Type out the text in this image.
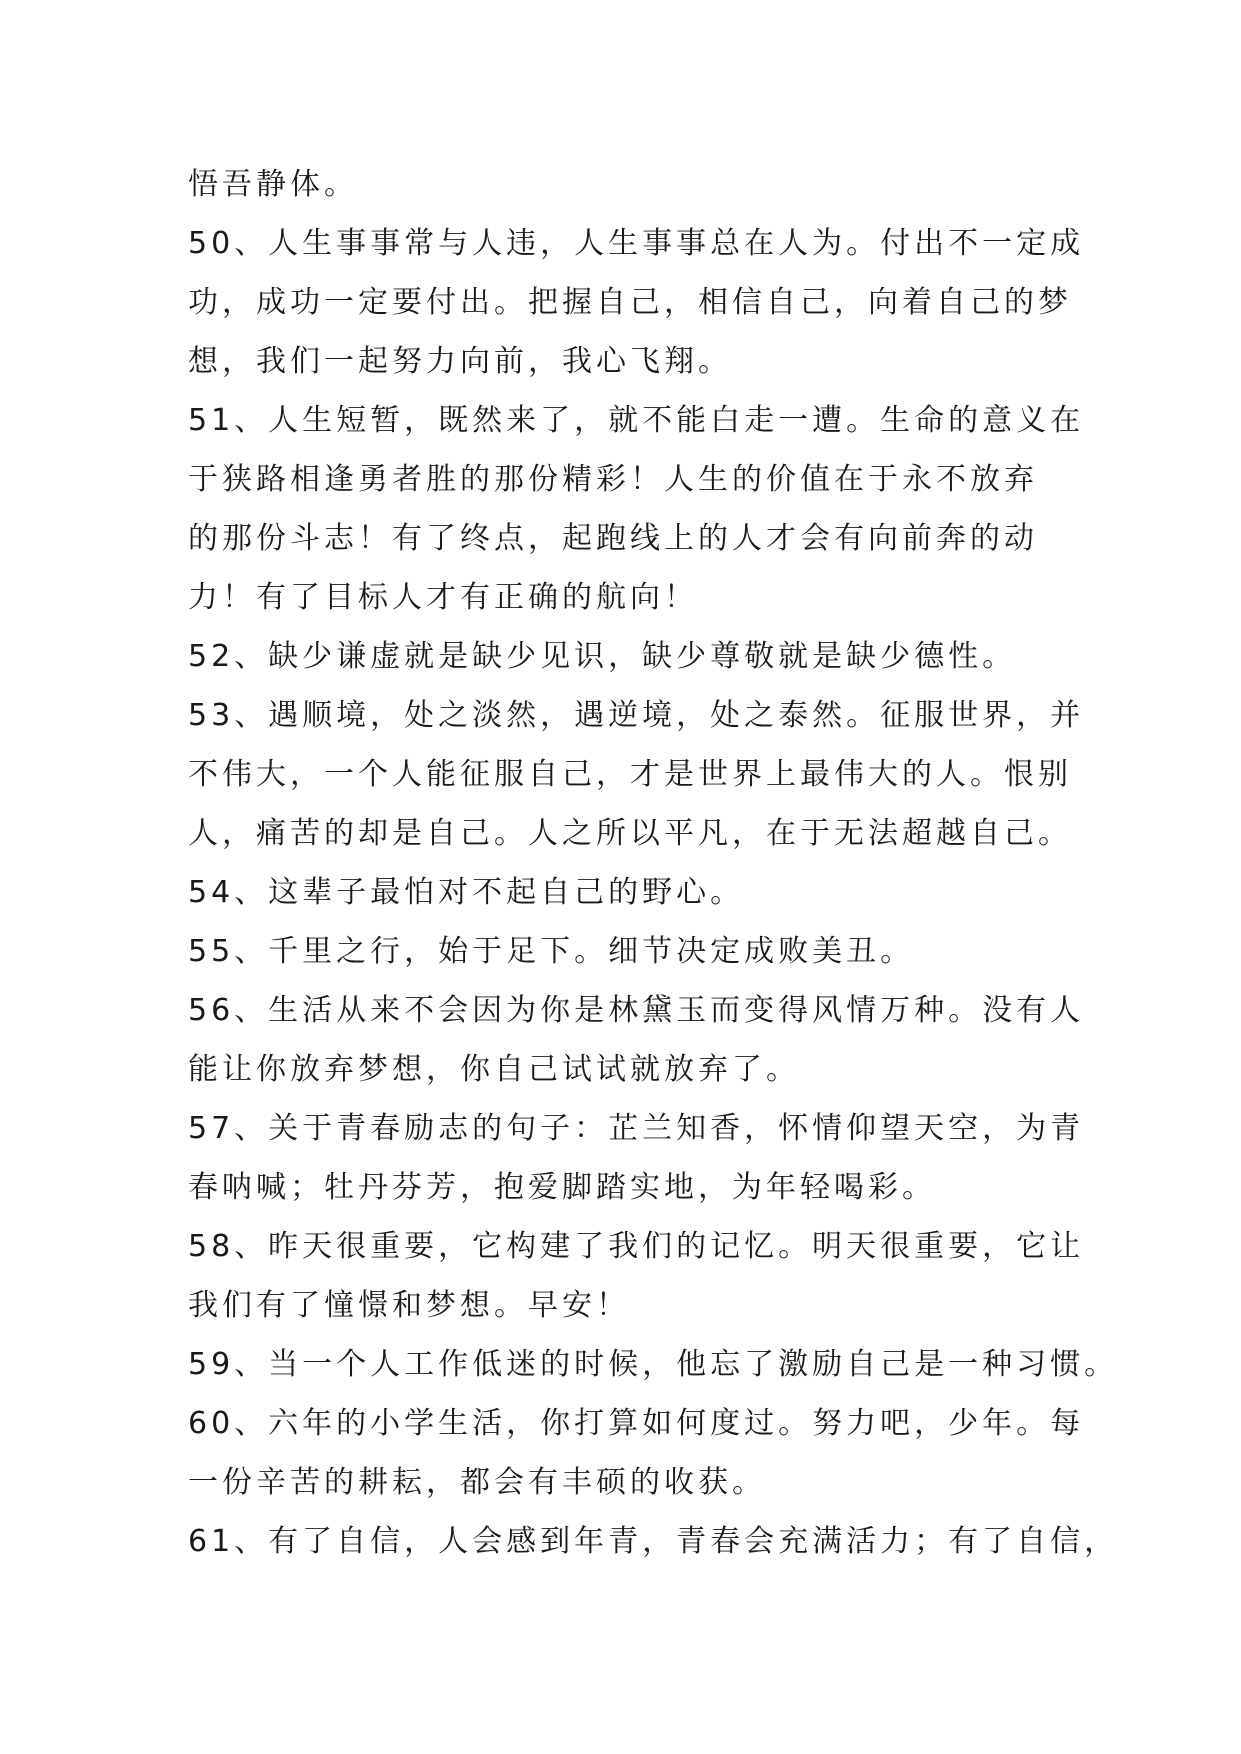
悟吾静体。
50、人生事事常与人违，人生事事总在人为。付出不一定成
功，成功一定要付出。把握自己，相信自己，向着自己的梦
想，我们一起努力向前，我心飞翔。
51、人生短暂，既然来了，就不能白走一遭。生命的意义在
于狭路相逢勇者胜的那份精彩！人生的价值在于永不放弃
的那份斗志！有了终点，起跑线上的人才会有向前奔的动
力！有了目标人才有正确的航向！
52、缺少谦虚就是缺少见识，缺少尊敬就是缺少德性。
53、遇顺境，处之淡然，遇逆境，处之泰然。征服世界，并
不伟大，一个人能征服自己，才是世界上最伟大的人。恨别
人，痛苦的却是自己。人之所以平凡，在于无法超越自己。
54、这辈子最怕对不起自己的野心。
55、千里之行，始于足下。细节决定成败美丑。
56、生活从来不会因为你是林黛玉而变得风情万种。没有人
能让你放弃梦想，你自己试试就放弃了。
57、关于青春励志的句子：芷兰知香，怀情仰望天空，为青
春呐喊；牡丹芬芳，抱爱脚踏实地，为年轻喝彩。
58、昨天很重要，它构建了我们的记忆。明天很重要，它让
我们有了憧憬和梦想。早安！
59、当一个人工作低迷的时候，他忘了激励自己是一种习惯。
60、六年的小学生活，你打算如何度过。努力吧，少年。每
一份辛苦的耕耘，都会有丰硕的收获。
61、有了自信，人会感到年青，青春会充满活力；有了自信，
